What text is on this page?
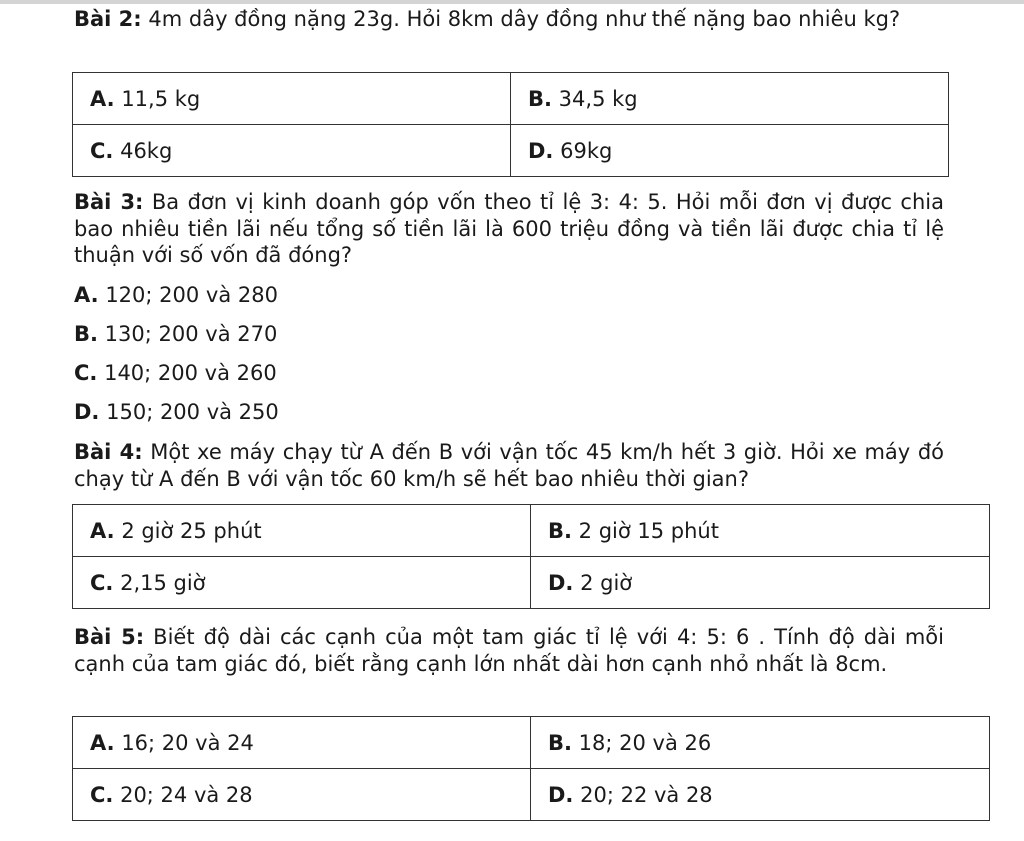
Bài 2: 4m dây đồng nặng 23g. Hỏi 8km dây đồng như thế nặng bao nhiêu kg?

A. 11,5 kg	B. 34,5 kg
C. 46kg	D. 69kg

Bài 3: Ba đơn vị kinh doanh góp vốn theo tỉ lệ 3: 4: 5. Hỏi mỗi đơn vị được chia bao nhiêu tiền lãi nếu tổng số tiền lãi là 600 triệu đồng và tiền lãi được chia tỉ lệ thuận với số vốn đã đóng?

A. 120; 200 và 280
B. 130; 200 và 270
C. 140; 200 và 260
D. 150; 200 và 250

Bài 4: Một xe máy chạy từ A đến B với vận tốc 45 km/h hết 3 giờ. Hỏi xe máy đó chạy từ A đến B với vận tốc 60 km/h sẽ hết bao nhiêu thời gian?

A. 2 giờ 25 phút	B. 2 giờ 15 phút
C. 2,15 giờ	D. 2 giờ

Bài 5: Biết độ dài các cạnh của một tam giác tỉ lệ với 4: 5: 6 . Tính độ dài mỗi cạnh của tam giác đó, biết rằng cạnh lớn nhất dài hơn cạnh nhỏ nhất là 8cm.

A. 16; 20 và 24	B. 18; 20 và 26
C. 20; 24 và 28	D. 20; 22 và 28
